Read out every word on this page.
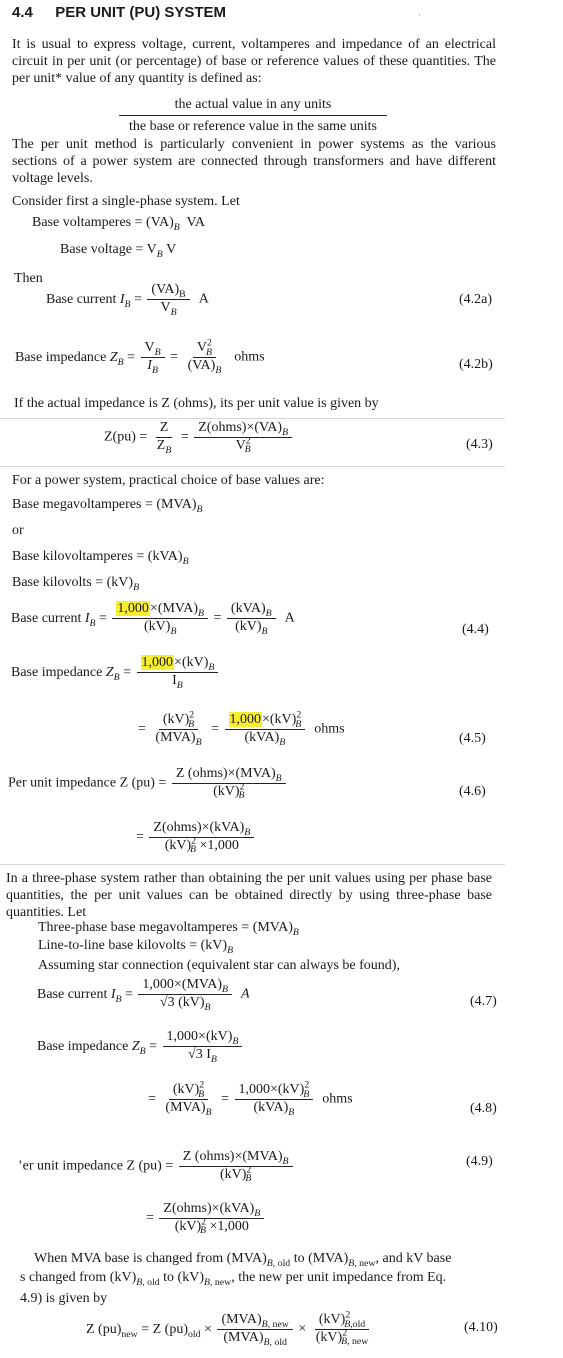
4.4 PER UNIT (PU) SYSTEM	·
It is usual to express voltage, current, voltamperes and impedance of an electrical circuit in per unit (or percentage) of base or reference values of these quantities. The per unit* value of any quantity is defined as:
the actual value in any units
the base or reference value in the same units
The per unit method is particularly convenient in power systems as the various sections of a power system are connected through transformers and have different voltage levels.
Consider first a single-phase system. Let
Base voltamperes = $(VA)_B$  VA
Base voltage = $V_B$ V
Then
Base current $I_B = \frac{(VA)_B}{V_B}$ A	(4.2a)
Base impedance $Z_B = \frac{V_B}{I_B} = \frac{V^2_B}{(VA)_B}$ ohms	(4.2b)
If the actual impedance is Z (ohms), its per unit value is given by
$Z(pu) = \frac{Z}{Z_B} = \frac{Z(ohms)\times(VA)_B}{V^2_B}$	(4.3)
For a power system, practical choice of base values are:
Base megavoltamperes = $(MVA)_B$
or
Base kilovoltamperes = $(kVA)_B$
Base kilovolts = $(kV)_B$
Base current $I_B = \frac{1,000\times(MVA)_B}{(kV)_B} = \frac{(kVA)_B}{(kV)_B}$ A
(4.4)
Base impedance $Z_B = \frac{1,000\times(kV)_B}{I_B}$
= $\frac{(kV)^2_B}{(MVA)_B} = \frac{1,000\times(kV)^2_B}{(kVA)_B}$ ohms
(4.5)
Per unit impedance Z $(pu) = \frac{Z (ohms)\times(MVA)_B}{(kV)^2_B}$	(4.6)
= $\frac{Z(ohms)\times(kVA)_B}{(kV)^2_B \times 1,000}$
In a three-phase system rather than obtaining the per unit values using per phase base quantities, the per unit values can be obtained directly by using three-phase base quantities. Let
Three-phase base megavoltamperes = $(MVA)_B$
Line-to-line base kilovolts = $(kV)_B$
Assuming star connection (equivalent star can always be found),
Base current $I_B = \frac{1,000\times(MVA)_B}{√3 (kV)_B}$ A	(4.7)
Base impedance $Z_B = \frac{1,000\times(kV)_B}{√3 I_B}$
= $\frac{(kV)^2_B}{(MVA)_B} = \frac{1,000\times(kV)^2_B}{(kVA)_B}$ ohms
(4.8)
’er unit impedance Z $(pu) = \frac{Z (ohms)\times(MVA)_B}{(kV)^2_B}$	(4.9)
= $\frac{Z(ohms)\times(kVA)_B}{(kV)^2_B \times 1,000}$
When MVA base is changed from $(MVA)_{B, old}$ to $(MVA)_{B, new}$, and kV base
s changed from $(kV)_{B, old}$ to $(kV)_{B, new}$, the new per unit impedance from Eq.
4.9) is given by
Z $(pu)_{new} = Z$ $(pu)_{old} \times \frac{(MVA)_{B, new}}{(MVA)_{B, old}} \times \frac{(kV)^2_{B,old}}{(kV)^2_{B, new}}$	(4.10)
